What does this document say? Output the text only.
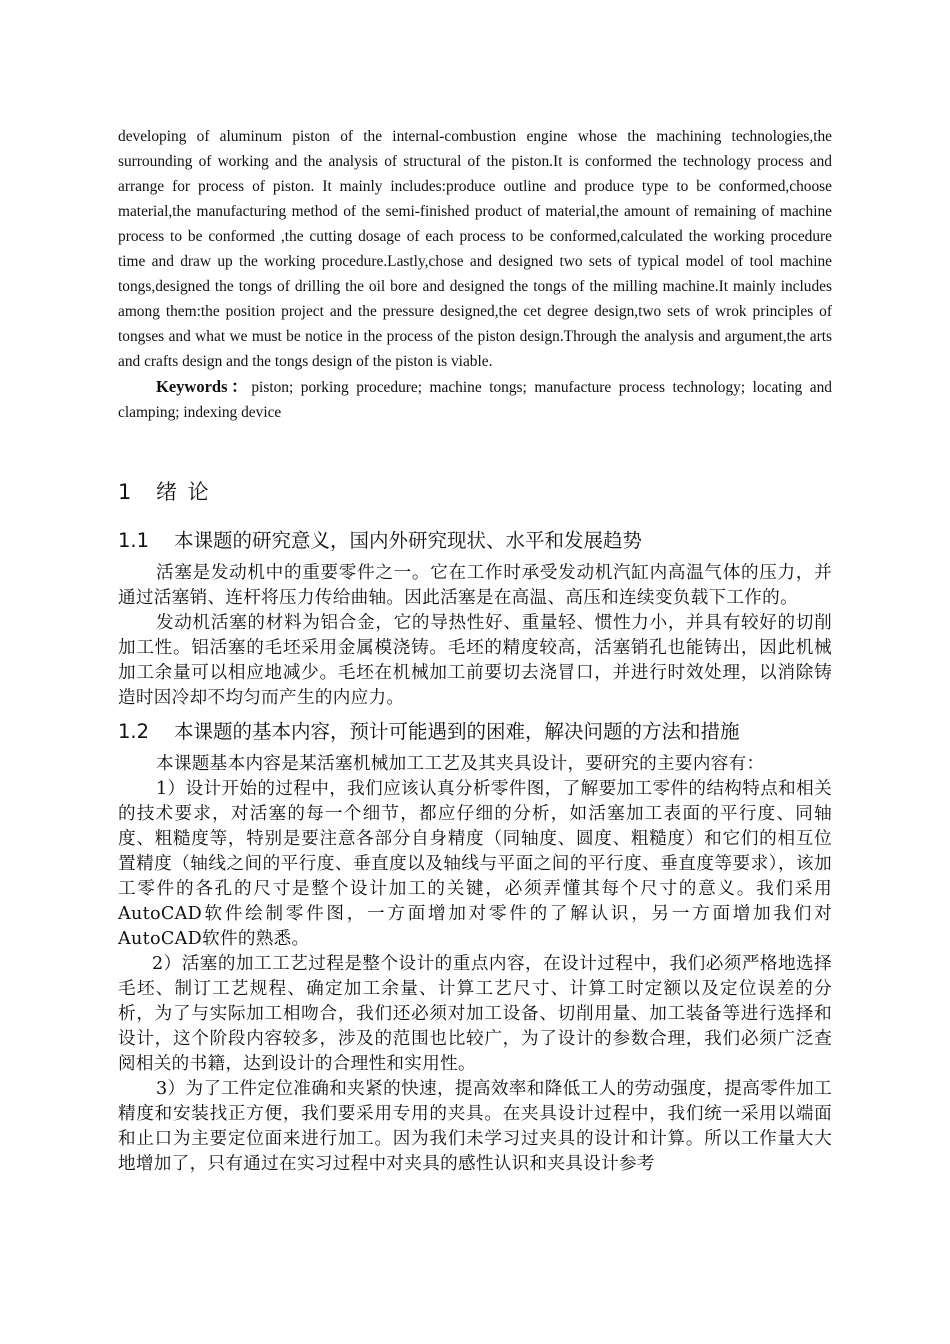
developing of aluminum piston of the internal-combustion engine whose the machining technologies,the surrounding of working and the analysis of structural of the piston.It is conformed the technology process and arrange for process of piston. It mainly includes:produce outline and produce type to be conformed,choose material,the manufacturing method of the semi-finished product of material,the amount of remaining of machine process to be conformed ,the cutting dosage of each process to be conformed,calculated the working procedure time and draw up the working procedure.Lastly,chose and designed two sets of typical model of tool machine tongs,designed the tongs of drilling the oil bore and designed the tongs of the milling machine.It mainly includes among them:the position project and the pressure designed,the cet degree design,two sets of wrok principles of tongses and what we must be notice in the process of the piston design.Through the analysis and argument,the arts and crafts design and the tongs design of the piston is viable.

Keywords：piston; porking procedure; machine tongs; manufacture process technology; locating and clamping; indexing device

1 绪 论
1.1 本课题的研究意义，国内外研究现状、水平和发展趋势

活塞是发动机中的重要零件之一。它在工作时承受发动机汽缸内高温气体的压力，并通过活塞销、连杆将压力传给曲轴。因此活塞是在高温、高压和连续变负载下工作的。

发动机活塞的材料为铝合金，它的导热性好、重量轻、惯性力小，并具有较好的切削加工性。铝活塞的毛坯采用金属模浇铸。毛坯的精度较高，活塞销孔也能铸出，因此机械加工余量可以相应地减少。毛坯在机械加工前要切去浇冒口，并进行时效处理，以消除铸造时因冷却不均匀而产生的内应力。

1.2 本课题的基本内容，预计可能遇到的困难，解决问题的方法和措施

本课题基本内容是某活塞机械加工工艺及其夹具设计，要研究的主要内容有：

1）设计开始的过程中，我们应该认真分析零件图，了解要加工零件的结构特点和相关的技术要求，对活塞的每一个细节，都应仔细的分析，如活塞加工表面的平行度、同轴度、粗糙度等，特别是要注意各部分自身精度（同轴度、圆度、粗糙度）和它们的相互位置精度（轴线之间的平行度、垂直度以及轴线与平面之间的平行度、垂直度等要求），该加工零件的各孔的尺寸是整个设计加工的关键，必须弄懂其每个尺寸的意义。我们采用AutoCAD软件绘制零件图，一方面增加对零件的了解认识，另一方面增加我们对AutoCAD软件的熟悉。

2）活塞的加工工艺过程是整个设计的重点内容，在设计过程中，我们必须严格地选择毛坯、制订工艺规程、确定加工余量、计算工艺尺寸、计算工时定额以及定位误差的分析，为了与实际加工相吻合，我们还必须对加工设备、切削用量、加工装备等进行选择和设计，这个阶段内容较多，涉及的范围也比较广，为了设计的参数合理，我们必须广泛查阅相关的书籍，达到设计的合理性和实用性。

3）为了工件定位准确和夹紧的快速，提高效率和降低工人的劳动强度，提高零件加工精度和安装找正方便，我们要采用专用的夹具。在夹具设计过程中，我们统一采用以端面和止口为主要定位面来进行加工。因为我们未学习过夹具的设计和计算。所以工作量大大地增加了，只有通过在实习过程中对夹具的感性认识和夹具设计参考
